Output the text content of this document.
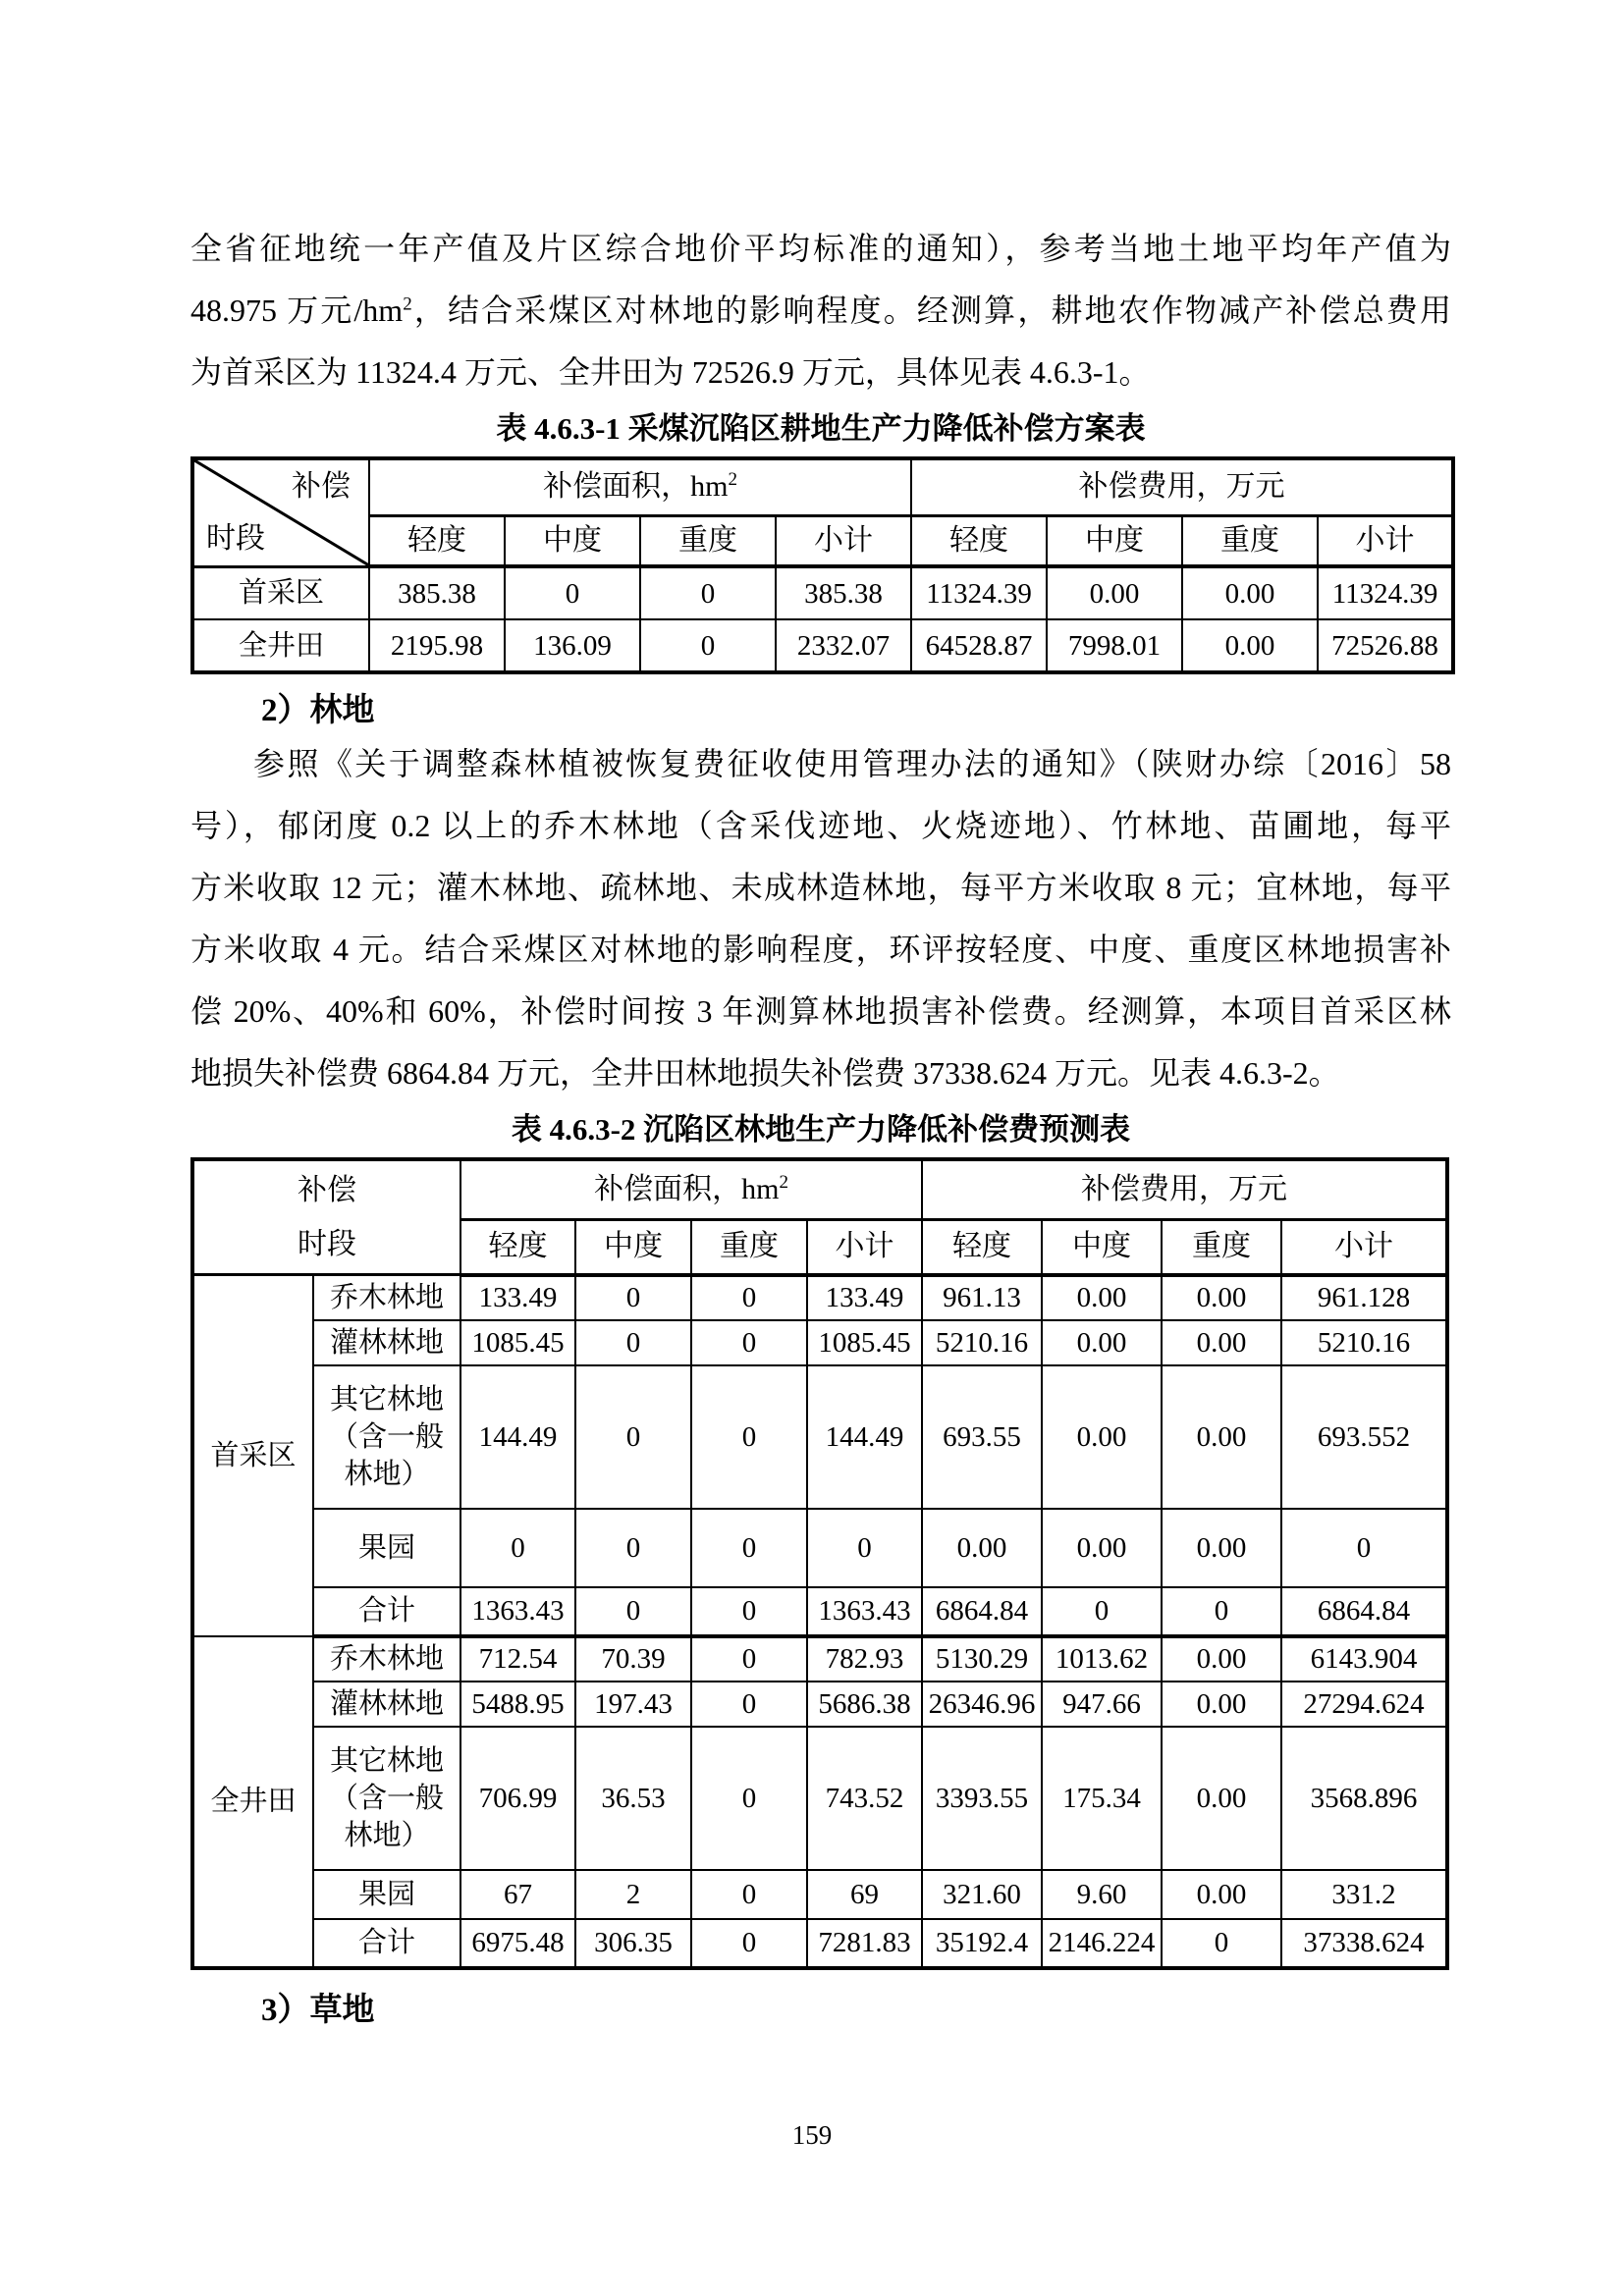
全省征地统一年产值及片区综合地价平均标准的通知），参考当地土地平均年产值为
48.975 万元$/hm^2$，结合采煤区对林地的影响程度。经测算，耕地农作物减产补偿总费用
为首采区为 11324.4 万元、全井田为 72526.9 万元，具体见表 4.6.3-1。
表 4.6.3-1 采煤沉陷区耕地生产力降低补偿方案表
补偿
时段	补偿面积，$hm^2$				补偿费用，万元			
	轻度	中度	重度	小计	轻度	中度	重度	小计
首采区	385.38	0	0	385.38	11324.39	0.00	0.00	11324.39
全井田	2195.98	136.09	0	2332.07	64528.87	7998.01	0.00	72526.88
2）林地
参照《关于调整森林植被恢复费征收使用管理办法的通知》（陕财办综〔2016〕58
号），郁闭度 0.2 以上的乔木林地（含采伐迹地、火烧迹地）、竹林地、苗圃地，每平
方米收取 12 元；灌木林地、疏林地、未成林造林地，每平方米收取 8 元；宜林地，每平
方米收取 4 元。结合采煤区对林地的影响程度，环评按轻度、中度、重度区林地损害补
偿 20%、40%和 60%，补偿时间按 3 年测算林地损害补偿费。经测算，本项目首采区林
地损失补偿费 6864.84 万元，全井田林地损失补偿费 37338.624 万元。见表 4.6.3-2。
表 4.6.3-2 沉陷区林地生产力降低补偿费预测表
补偿
时段		补偿面积，$hm^2$				补偿费用，万元			
		轻度	中度	重度	小计	轻度	中度	重度	小计
首采区	乔木林地	133.49	0	0	133.49	961.13	0.00	0.00	961.128
	灌林林地	1085.45	0	0	1085.45	5210.16	0.00	0.00	5210.16
	其它林地（含一般林地）	144.49	0	0	144.49	693.55	0.00	0.00	693.552
	果园	0	0	0	0	0.00	0.00	0.00	0
	合计	1363.43	0	0	1363.43	6864.84	0	0	6864.84
全井田	乔木林地	712.54	70.39	0	782.93	5130.29	1013.62	0.00	6143.904
	灌林林地	5488.95	197.43	0	5686.38	26346.96	947.66	0.00	27294.624
	其它林地（含一般林地）	706.99	36.53	0	743.52	3393.55	175.34	0.00	3568.896
	果园	67	2	0	69	321.60	9.60	0.00	331.2
	合计	6975.48	306.35	0	7281.83	35192.4	2146.224	0	37338.624
3）草地
159
